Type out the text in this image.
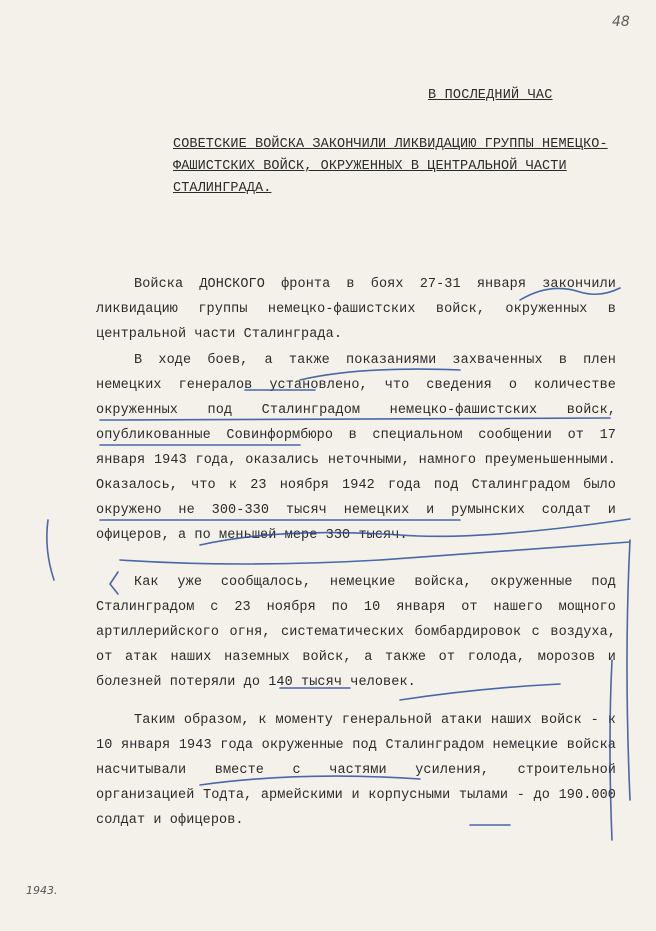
48
В ПОСЛЕДНИЙ ЧАС
СОВЕТСКИЕ ВОЙСКА ЗАКОНЧИЛИ ЛИКВИДАЦИЮ ГРУППЫ НЕМЕЦКО-ФАШИСТСКИХ ВОЙСК, ОКРУЖЕННЫХ В ЦЕНТРАЛЬНОЙ ЧАСТИ СТАЛИНГРАДА.

Войска ДОНСКОГО фронта в боях 27-31 января закончили ликвидацию группы немецко-фашистских войск, окруженных в центральной части Сталинграда.

В ходе боев, а также показаниями захваченных в плен немецких генералов установлено, что сведения о количестве окруженных под Сталинградом немецко-фашистских войск, опубликованные Совинформбюро в специальном сообщении от 17 января 1943 года, оказались неточными, намного преуменьшенными. Оказалось, что к 23 ноября 1942 года под Сталинградом было окружено не 300-330 тысяч немецких и румынских солдат и офицеров, а по меньшей мере 330 тысяч.

Как уже сообщалось, немецкие войска, окруженные под Сталинградом с 23 ноября по 10 января от нашего мощного артиллерийского огня, систематических бомбардировок с воздуха, от атак наших наземных войск, а также от голода, морозов и болезней потеряли до 140 тысяч человек.

Таким образом, к моменту генеральной атаки наших войск - к 10 января 1943 года окруженные под Сталинградом немецкие войска насчитывали вместе с частями усиления, строительной организацией Тодта, армейскими и корпусными тылами - до 190.000 солдат и офицеров.

1943.
